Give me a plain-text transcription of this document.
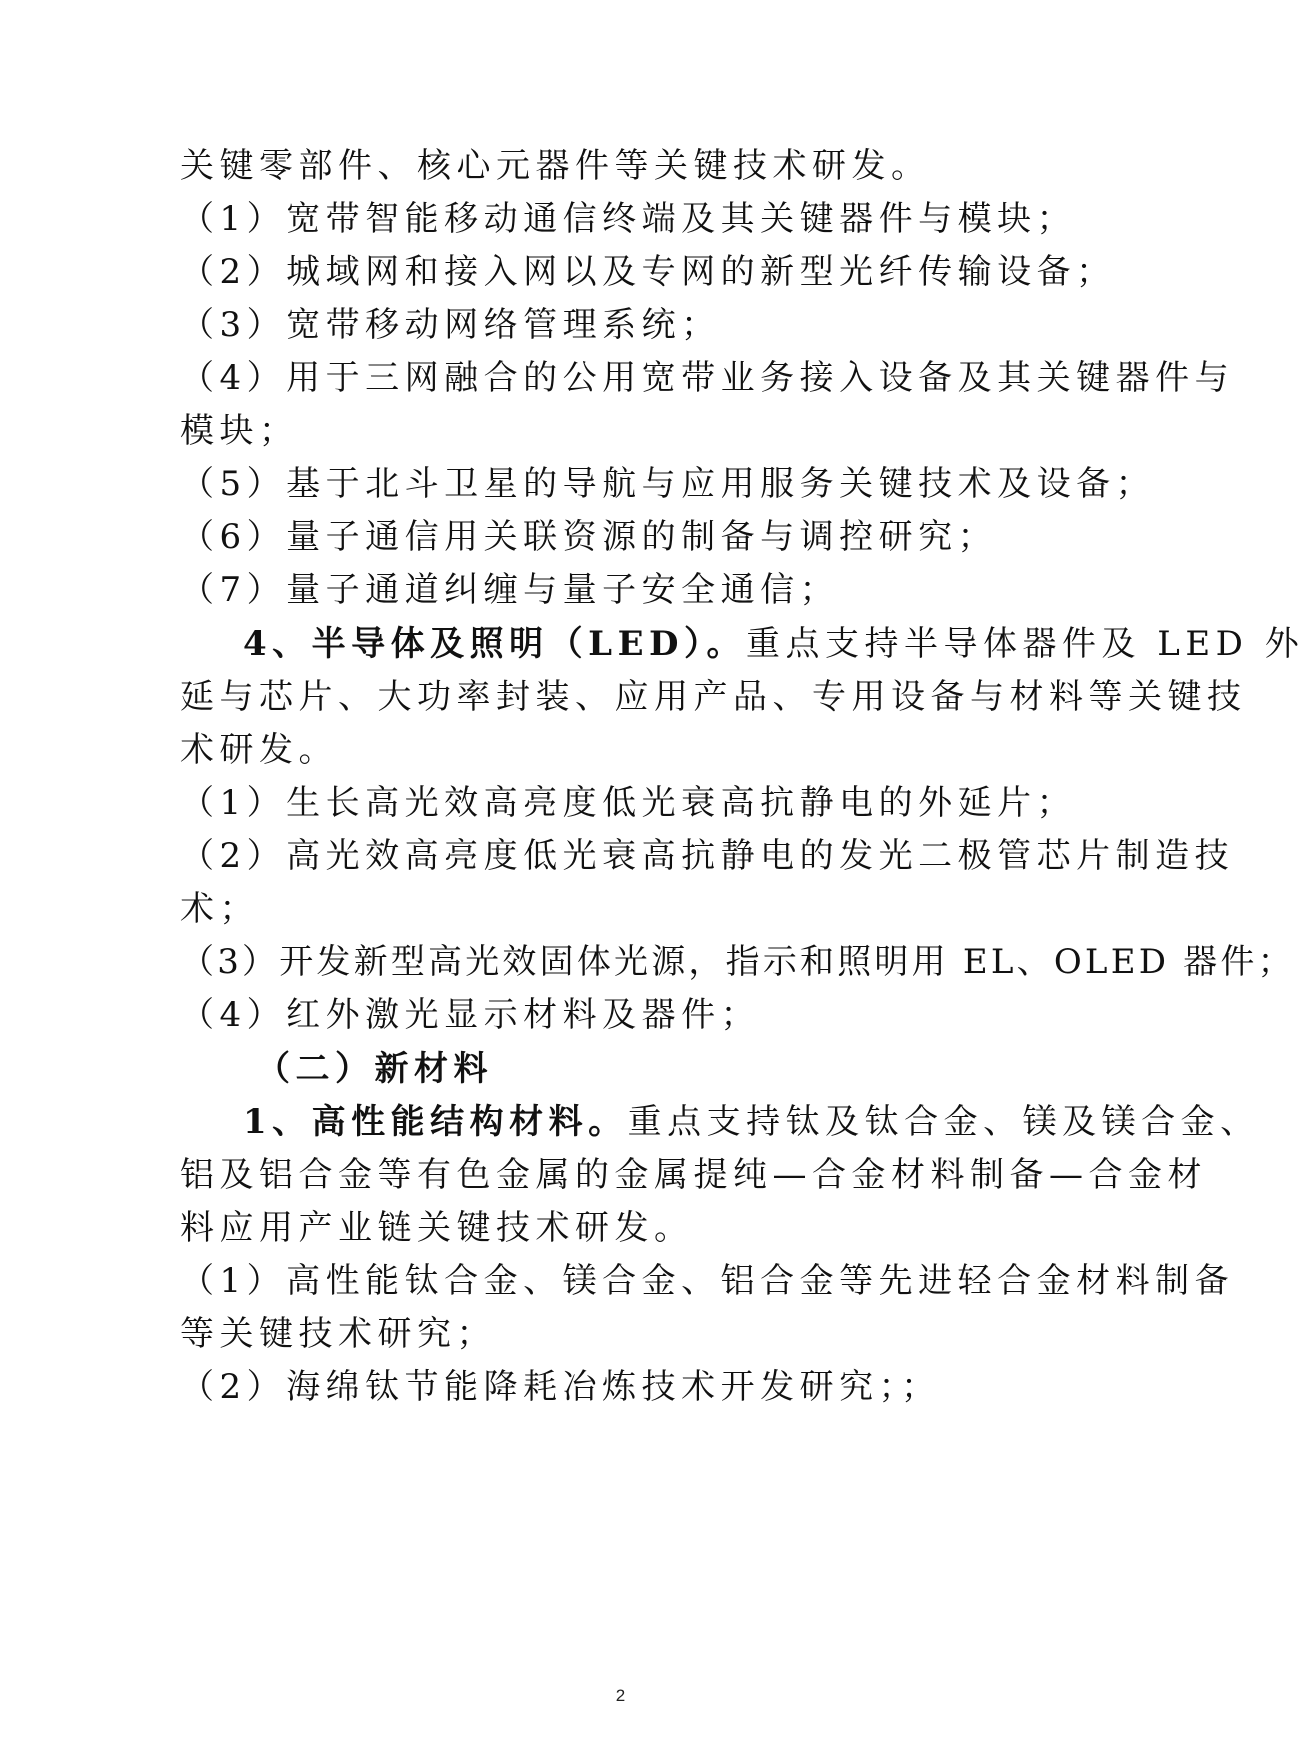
关键零部件、核心元器件等关键技术研发。
（1）宽带智能移动通信终端及其关键器件与模块；
（2）城域网和接入网以及专网的新型光纤传输设备；
（3）宽带移动网络管理系统；
（4）用于三网融合的公用宽带业务接入设备及其关键器件与
模块；
（5）基于北斗卫星的导航与应用服务关键技术及设备；
（6）量子通信用关联资源的制备与调控研究；
（7）量子通道纠缠与量子安全通信；
4、半导体及照明（LED）。重点支持半导体器件及 LED 外
延与芯片、大功率封装、应用产品、专用设备与材料等关键技
术研发。
（1）生长高光效高亮度低光衰高抗静电的外延片；
（2）高光效高亮度低光衰高抗静电的发光二极管芯片制造技
术；
（3）开发新型高光效固体光源，指示和照明用 EL、OLED 器件；
（4）红外激光显示材料及器件；
（二）新材料
1、高性能结构材料。重点支持钛及钛合金、镁及镁合金、
铝及铝合金等有色金属的金属提纯—合金材料制备—合金材
料应用产业链关键技术研发。
（1）高性能钛合金、镁合金、铝合金等先进轻合金材料制备
等关键技术研究；
（2）海绵钛节能降耗冶炼技术开发研究；；
2
